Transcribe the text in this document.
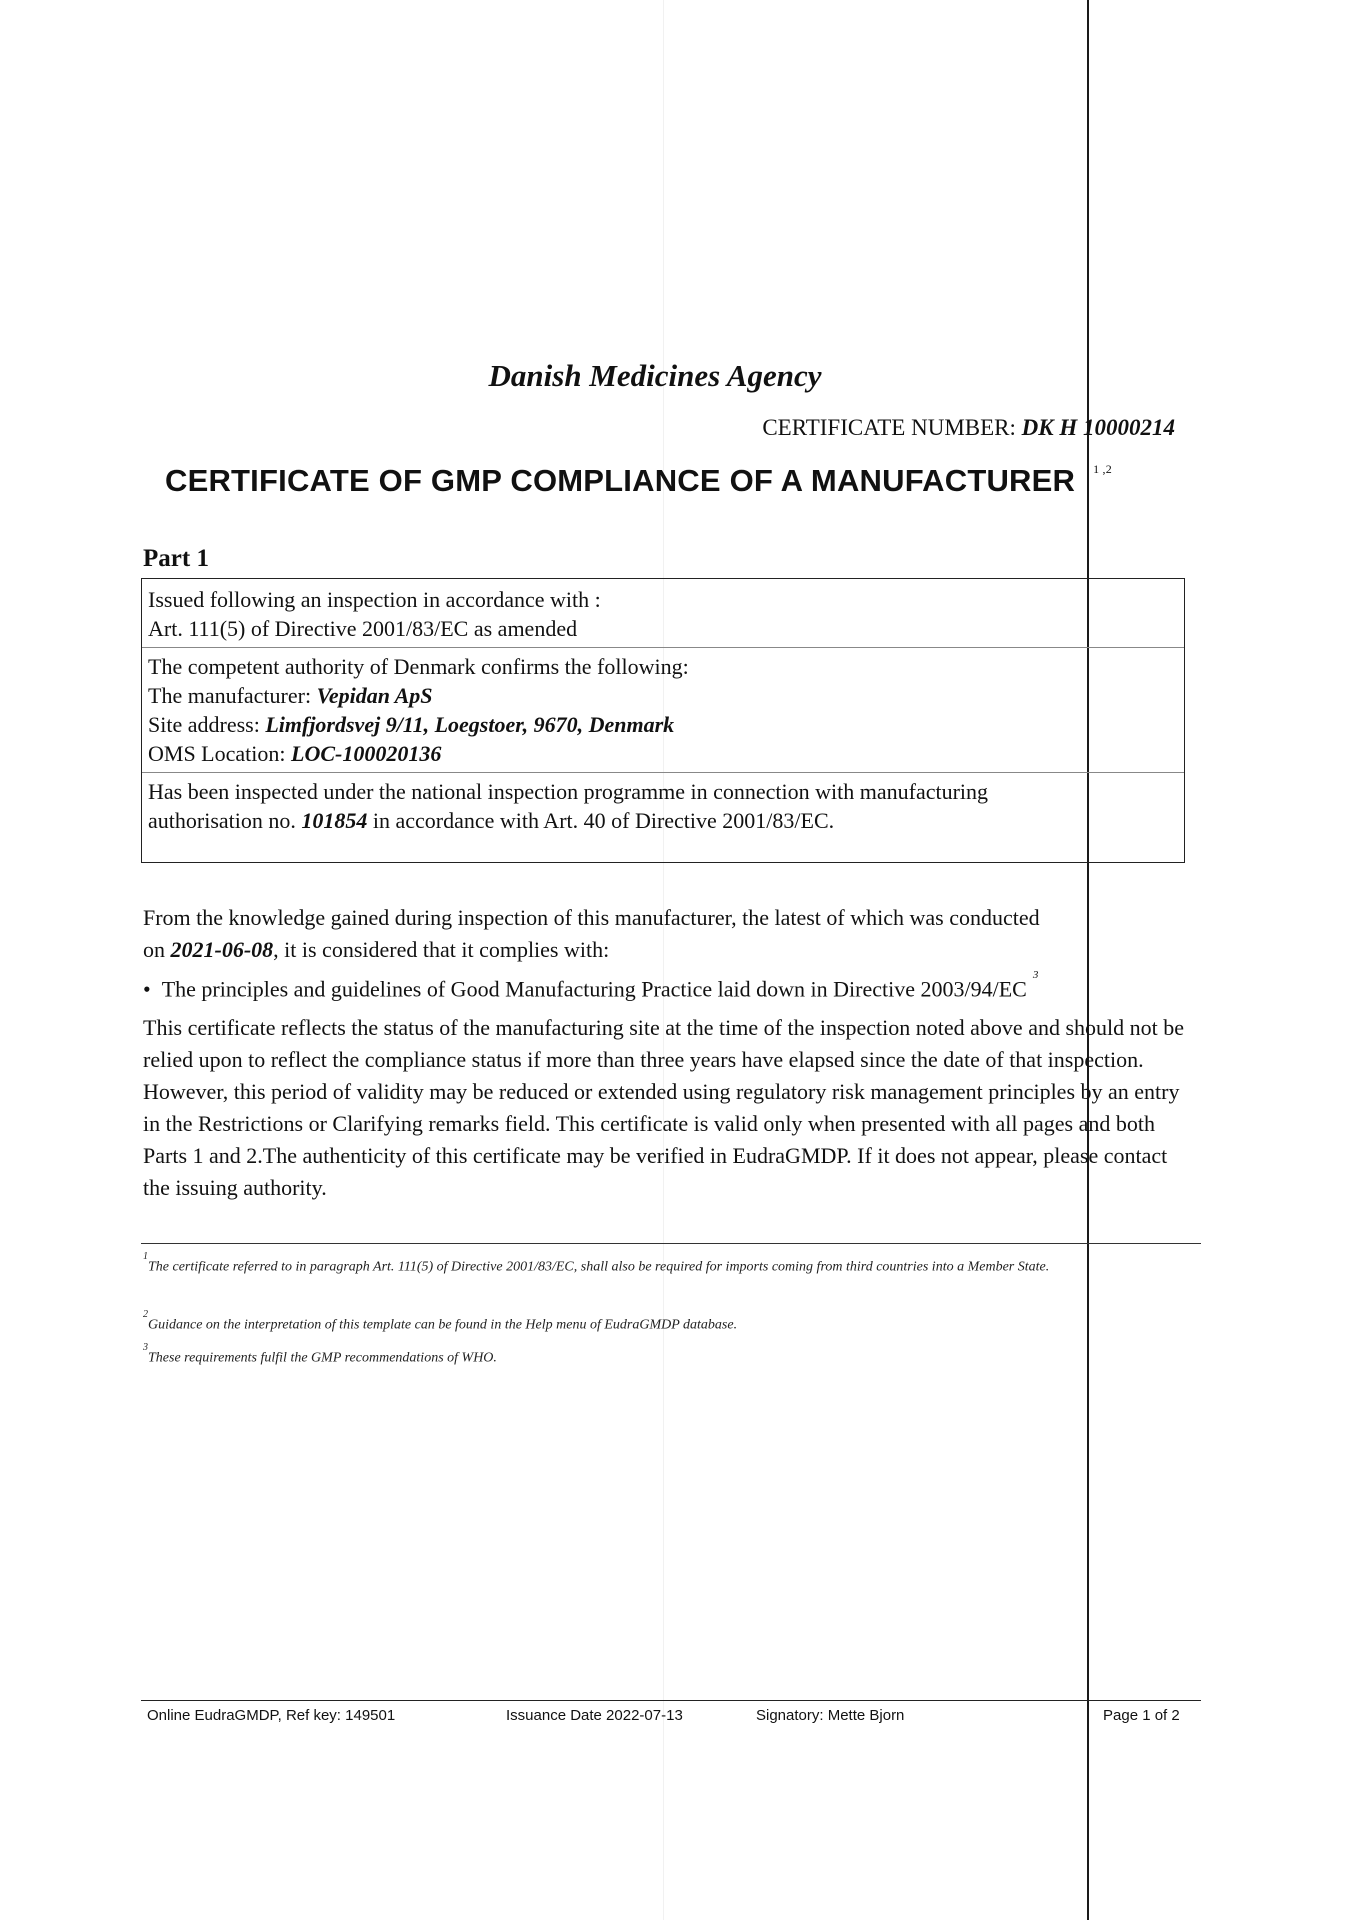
Danish Medicines Agency
CERTIFICATE NUMBER: DK H 10000214
CERTIFICATE OF GMP COMPLIANCE OF A MANUFACTURER $^{1 ,2}$
Part 1
Issued following an inspection in accordance with :
Art. 111(5) of Directive 2001/83/EC as amended
The competent authority of Denmark confirms the following:
The manufacturer: Vepidan ApS
Site address: Limfjordsvej 9/11, Loegstoer, 9670, Denmark
OMS Location: LOC-100020136
Has been inspected under the national inspection programme in connection with manufacturing
authorisation no. 101854 in accordance with Art. 40 of Directive 2001/83/EC.
From the knowledge gained during inspection of this manufacturer, the latest of which was conducted
on 2021-06-08, it is considered that it complies with:
•  The principles and guidelines of Good Manufacturing Practice laid down in Directive $2003/94/EC^3$
This certificate reflects the status of the manufacturing site at the time of the inspection noted above and should not be relied upon to reflect the compliance status if more than three years have elapsed since the date of that inspection. However, this period of validity may be reduced or extended using regulatory risk management principles by an entry in the Restrictions or Clarifying remarks field. This certificate is valid only when presented with all pages and both Parts 1 and 2.The authenticity of this certificate may be verified in EudraGMDP. If it does not appear, please contact the issuing authority.
$^1$The certificate referred to in paragraph Art. 111(5) of Directive 2001/83/EC, shall also be required for imports coming from third countries into a Member State.
$^2$Guidance on the interpretation of this template can be found in the Help menu of EudraGMDP database.
$^3$These requirements fulfil the GMP recommendations of WHO.
Online EudraGMDP, Ref key: 149501	Issuance Date 2022-07-13	Signatory: Mette Bjorn	Page 1 of 2
